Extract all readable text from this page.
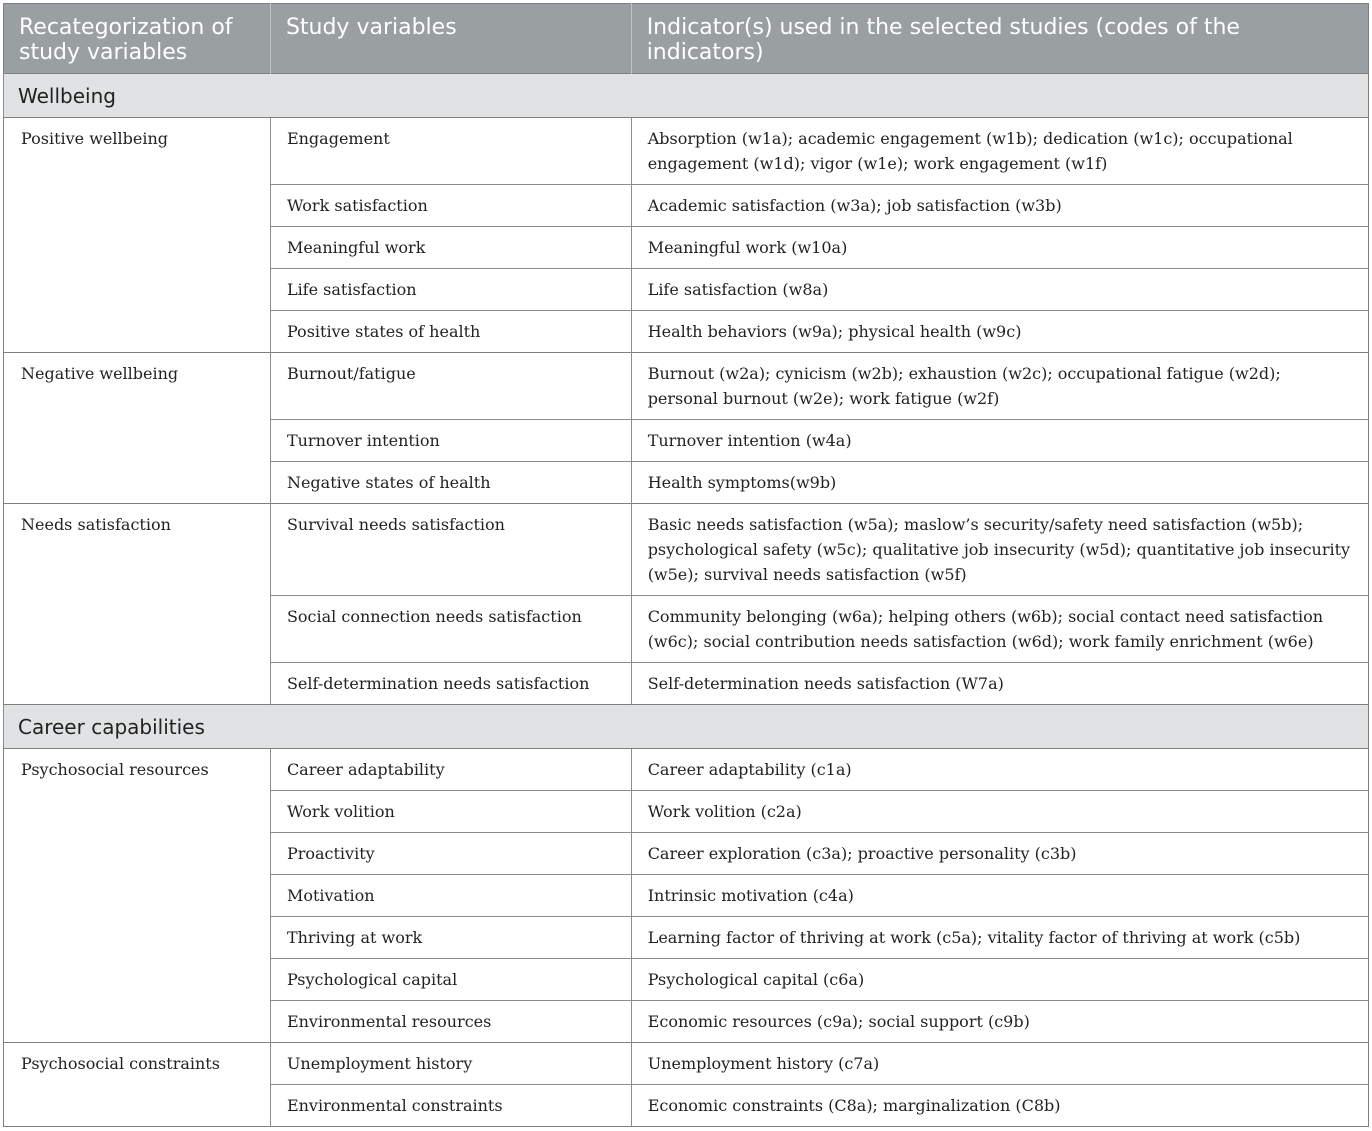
Recategorization of study variables	Study variables	Indicator(s) used in the selected studies (codes of the indicators)
Wellbeing		
Positive wellbeing	Engagement	Absorption (w1a); academic engagement (w1b); dedication (w1c); occupational engagement (w1d); vigor (w1e); work engagement (w1f)
	Work satisfaction	Academic satisfaction (w3a); job satisfaction (w3b)
	Meaningful work	Meaningful work (w10a)
	Life satisfaction	Life satisfaction (w8a)
	Positive states of health	Health behaviors (w9a); physical health (w9c)
Negative wellbeing	Burnout/fatigue	Burnout (w2a); cynicism (w2b); exhaustion (w2c); occupational fatigue (w2d); personal burnout (w2e); work fatigue (w2f)
	Turnover intention	Turnover intention (w4a)
	Negative states of health	Health symptoms(w9b)
Needs satisfaction	Survival needs satisfaction	Basic needs satisfaction (w5a); maslow’s security/safety need satisfaction (w5b); psychological safety (w5c); qualitative job insecurity (w5d); quantitative job insecurity (w5e); survival needs satisfaction (w5f)
	Social connection needs satisfaction	Community belonging (w6a); helping others (w6b); social contact need satisfaction (w6c); social contribution needs satisfaction (w6d); work family enrichment (w6e)
	Self-determination needs satisfaction	Self-determination needs satisfaction (W7a)
Career capabilities		
Psychosocial resources	Career adaptability	Career adaptability (c1a)
	Work volition	Work volition (c2a)
	Proactivity	Career exploration (c3a); proactive personality (c3b)
	Motivation	Intrinsic motivation (c4a)
	Thriving at work	Learning factor of thriving at work (c5a); vitality factor of thriving at work (c5b)
	Psychological capital	Psychological capital (c6a)
	Environmental resources	Economic resources (c9a); social support (c9b)
Psychosocial constraints	Unemployment history	Unemployment history (c7a)
	Environmental constraints	Economic constraints (C8a); marginalization (C8b)
